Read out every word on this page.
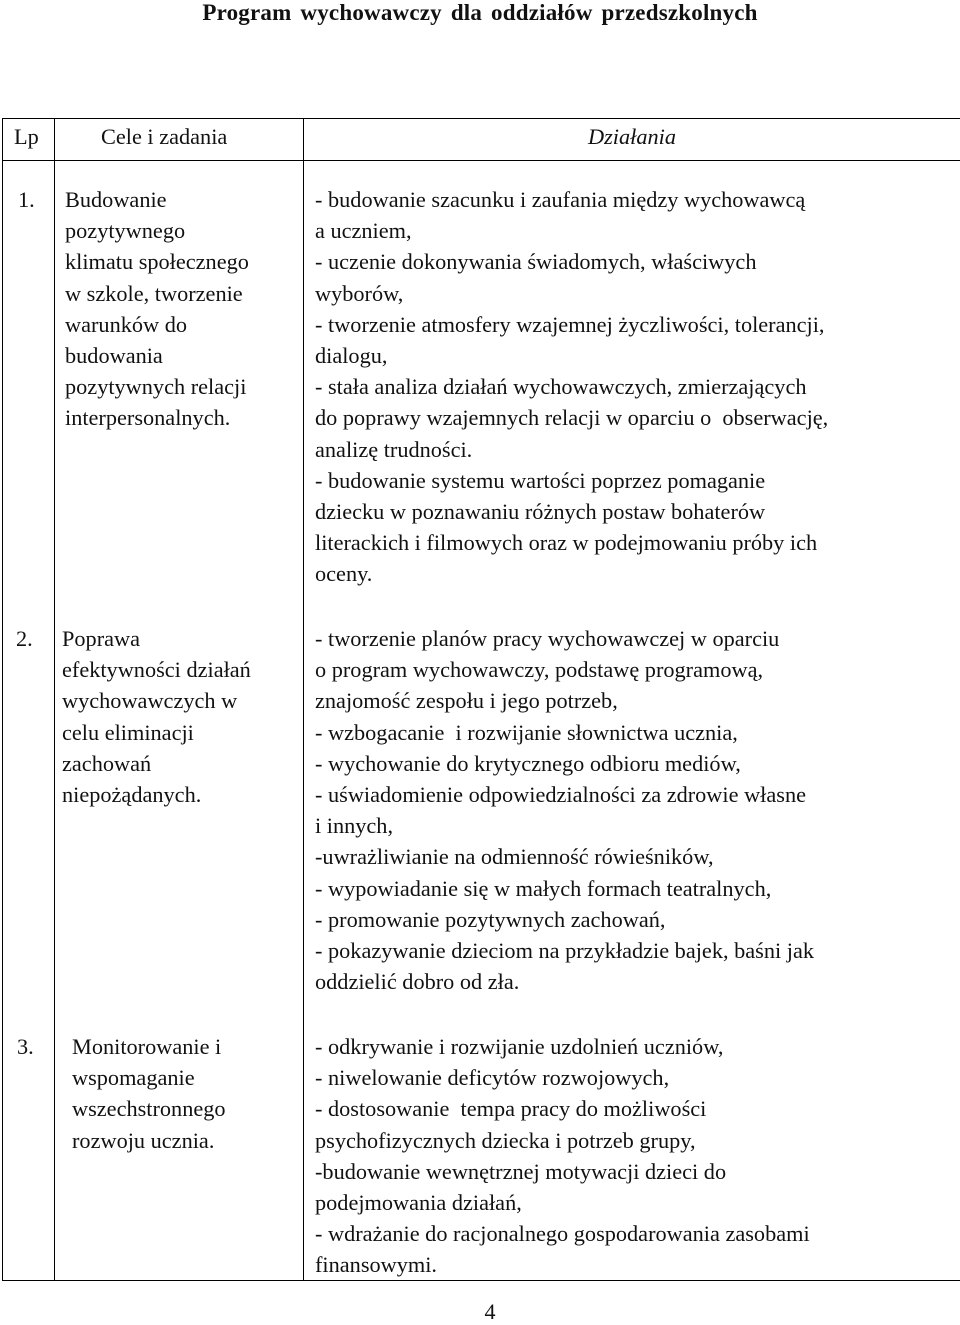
Program wychowawczy dla oddziałów przedszkolnych
Lp	Cele i zadania	Działania
1. Budowanie
pozytywnego
klimatu społecznego
w szkole, tworzenie
warunków do
budowania
pozytywnych relacji
interpersonalnych.
- budowanie szacunku i zaufania między wychowawcą
a uczniem,
- uczenie dokonywania świadomych, właściwych
wyborów,
- tworzenie atmosfery wzajemnej życzliwości, tolerancji,
dialogu,
- stała analiza działań wychowawczych, zmierzających
do poprawy wzajemnych relacji w oparciu o  obserwację,
analizę trudności.
- budowanie systemu wartości poprzez pomaganie
dziecku w poznawaniu różnych postaw bohaterów
literackich i filmowych oraz w podejmowaniu próby ich
oceny.
2. Poprawa
efektywności działań
wychowawczych w
celu eliminacji
zachowań
niepożądanych.
- tworzenie planów pracy wychowawczej w oparciu
o program wychowawczy, podstawę programową,
znajomość zespołu i jego potrzeb,
- wzbogacanie  i rozwijanie słownictwa ucznia,
- wychowanie do krytycznego odbioru mediów,
- uświadomienie odpowiedzialności za zdrowie własne
i innych,
-uwrażliwianie na odmienność rówieśników,
- wypowiadanie się w małych formach teatralnych,
- promowanie pozytywnych zachowań,
- pokazywanie dzieciom na przykładzie bajek, baśni jak
oddzielić dobro od zła.
3. Monitorowanie i
wspomaganie
wszechstronnego
rozwoju ucznia.
- odkrywanie i rozwijanie uzdolnień uczniów,
- niwelowanie deficytów rozwojowych,
- dostosowanie  tempa pracy do możliwości
psychofizycznych dziecka i potrzeb grupy,
-budowanie wewnętrznej motywacji dzieci do
podejmowania działań,
- wdrażanie do racjonalnego gospodarowania zasobami
finansowymi.
4
